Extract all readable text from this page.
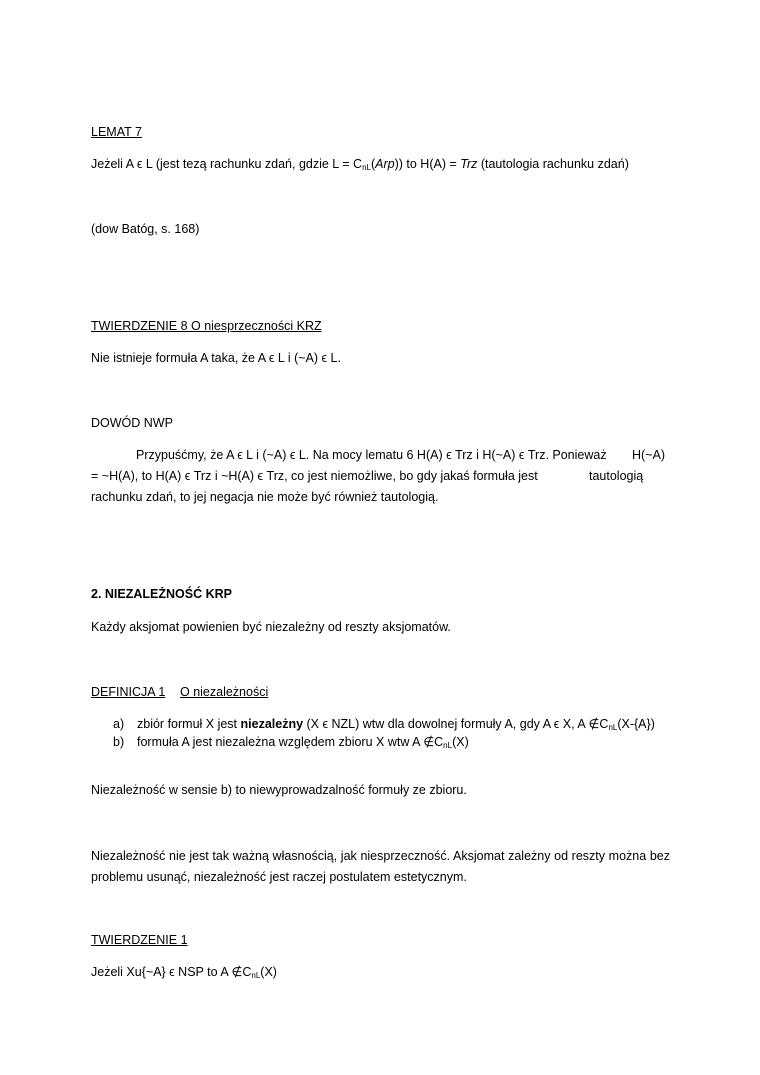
LEMAT 7
Jeżeli A ϵ L (jest tezą rachunku zdań, gdzie $L = C_{nL}(Arp)$) to H(A) = Trz (tautologia rachunku zdań)
(dow Batóg, s. 168)
TWIERDZENIE 8 O niesprzeczności KRZ
Nie istnieje formuła A taka, że A ϵ L i (~A) ϵ L.
DOWÓD NWP
Przypuśćmy, że A ϵ L i (~A) ϵ L. Na mocy lematu 6 H(A) ϵ Trz i H(~A) ϵ Trz. Ponieważ H(~A)
= ~H(A), to H(A) ϵ Trz i ~H(A) ϵ Trz, co jest niemożliwe, bo gdy jakaś formuła jest	tautologią
rachunku zdań, to jej negacja nie może być również tautologią.
2. NIEZALEŻNOŚĆ KRP
Każdy aksjomat powienien być niezależny od reszty aksjomatów.
DEFINICJA 1 O niezależności
a) zbiór formuł X jest niezależny (X ϵ NZL) wtw dla dowolnej formuły A, gdy A ϵ X, A $\notin C_{nL}(X-\{A\})$
b) formuła A jest niezależna względem zbioru X wtw A $\notin C_{nL}(X)$
Niezależność w sensie b) to niewyprowadzalność formuły ze zbioru.
Niezależność nie jest tak ważną własnością, jak niesprzeczność. Aksjomat zależny od reszty można bez problemu usunąć, niezależność jest raczej postulatem estetycznym.
TWIERDZENIE 1
Jeżeli Xu{~A} ϵ NSP to A $\notin C_{nL}(X)$
